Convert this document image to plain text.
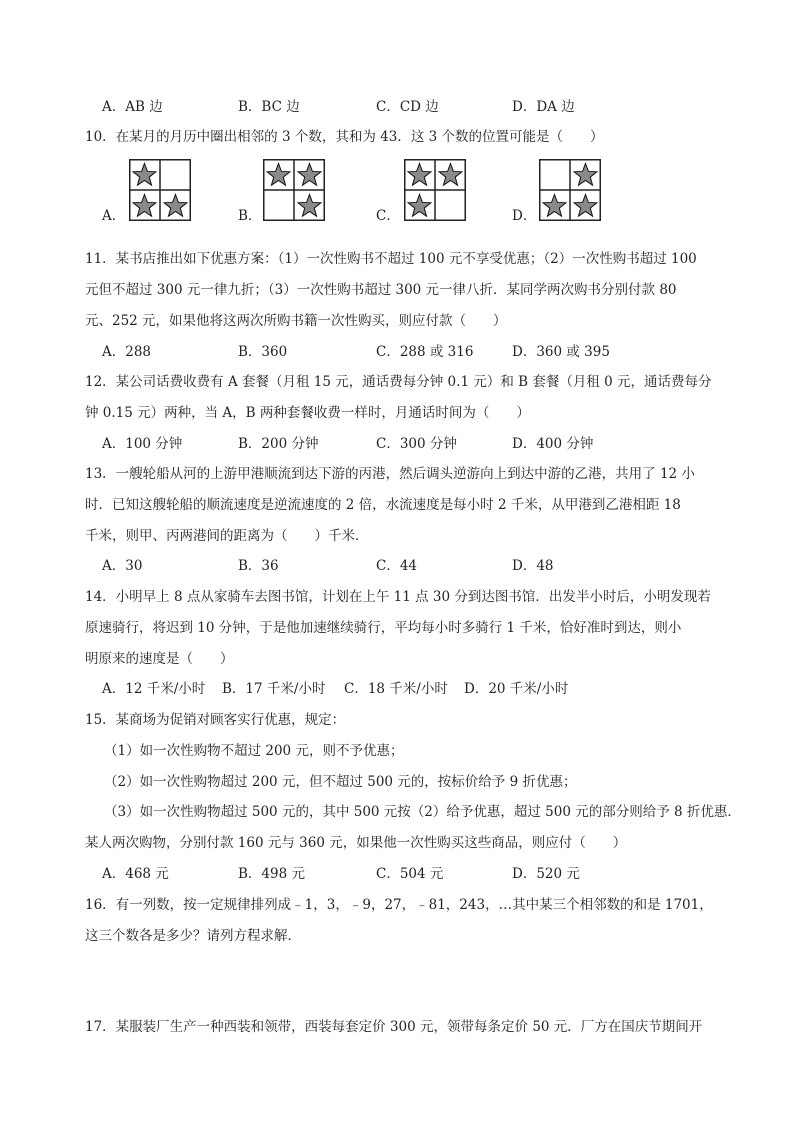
A．AB 边	B．BC 边	C．CD 边	D．DA 边
10．在某月的月历中圈出相邻的 3 个数，其和为 43．这 3 个数的位置可能是（　　）
A．	B．	C．	D．
11．某书店推出如下优惠方案：（1）一次性购书不超过 100 元不享受优惠；（2）一次性购书超过 100
元但不超过 300 元一律九折；（3）一次性购书超过 300 元一律八折．某同学两次购书分别付款 80
元、252 元，如果他将这两次所购书籍一次性购买，则应付款（　　）
A．288	B．360	C．288 或 316	D．360 或 395
12．某公司话费收费有 A 套餐（月租 15 元，通话费每分钟 0.1 元）和 B 套餐（月租 0 元，通话费每分
钟 0.15 元）两种，当 A，B 两种套餐收费一样时，月通话时间为（　　）
A．100 分钟	B．200 分钟	C．300 分钟	D．400 分钟
13．一艘轮船从河的上游甲港顺流到达下游的丙港，然后调头逆游向上到达中游的乙港，共用了 12 小
时．已知这艘轮船的顺流速度是逆流速度的 2 倍，水流速度是每小时 2 千米，从甲港到乙港相距 18
千米，则甲、丙两港间的距离为（　　）千米．
A．30	B．36	C．44	D．48
14．小明早上 8 点从家骑车去图书馆，计划在上午 11 点 30 分到达图书馆．出发半小时后，小明发现若
原速骑行，将迟到 10 分钟，于是他加速继续骑行，平均每小时多骑行 1 千米，恰好准时到达，则小
明原来的速度是（　　）
A．12 千米/小时 B．17 千米/小时 C．18 千米/小时 D．20 千米/小时
15．某商场为促销对顾客实行优惠，规定：
（1）如一次性购物不超过 200 元，则不予优惠；
（2）如一次性购物超过 200 元，但不超过 500 元的，按标价给予 9 折优惠；
（3）如一次性购物超过 500 元的，其中 500 元按（2）给予优惠，超过 500 元的部分则给予 8 折优惠．
某人两次购物，分别付款 160 元与 360 元，如果他一次性购买这些商品，则应付（　　）
A．468 元	B．498 元	C．504 元	D．520 元
16．有一列数，按一定规律排列成﹣1，3，﹣9，27，﹣81，243，…其中某三个相邻数的和是 1701，
这三个数各是多少？请列方程求解．
17．某服装厂生产一种西装和领带，西装每套定价 300 元，领带每条定价 50 元．厂方在国庆节期间开
